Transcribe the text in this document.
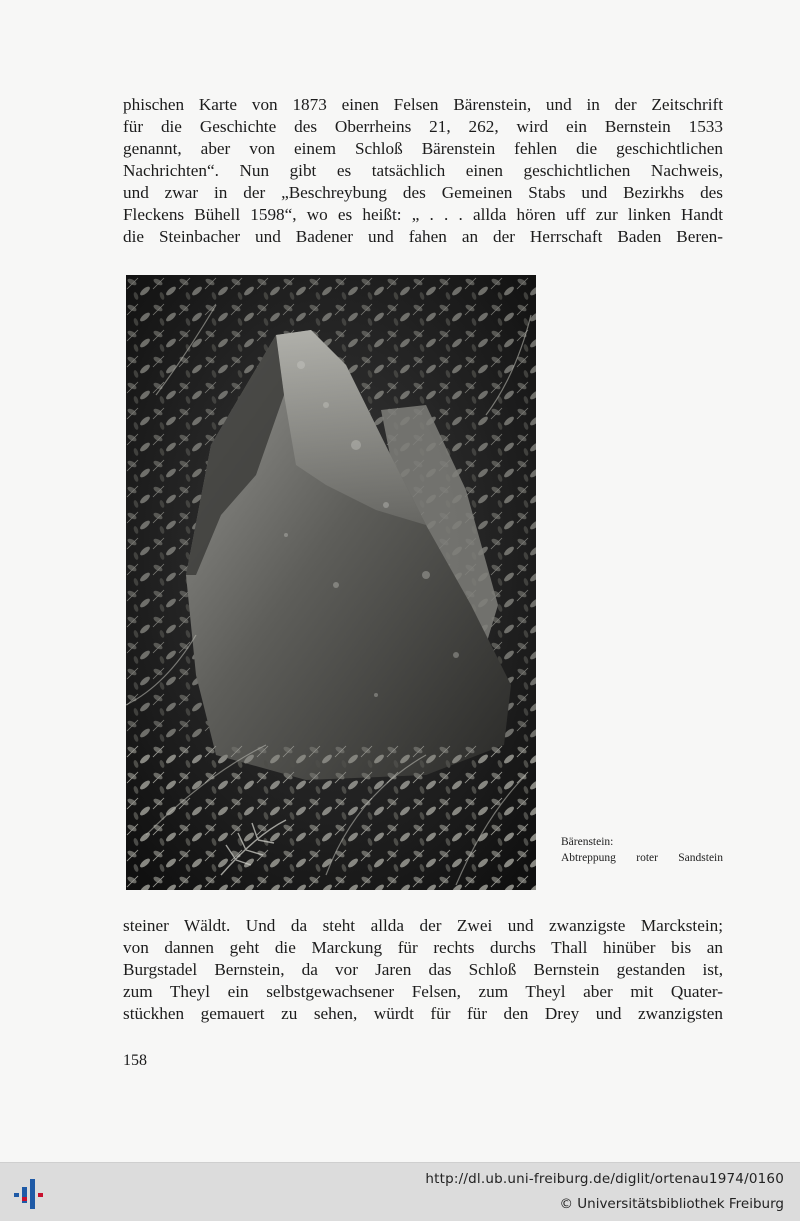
phischen Karte von 1873 einen Felsen Bärenstein, und in der Zeitschrift
für die Geschichte des Oberrheins 21, 262, wird ein Bernstein 1533
genannt, aber von einem Schloß Bärenstein fehlen die geschichtlichen
Nachrichten“. Nun gibt es tatsächlich einen geschichtlichen Nachweis,
und zwar in der „Beschreybung des Gemeinen Stabs und Bezirkhs des
Fleckens Bühell 1598“, wo es heißt: „ . . . allda hören uff zur linken Handt
die Steinbacher und Badener und fahen an der Herrschaft Baden Beren-
Bärenstein:

Abtreppung roter Sandstein
steiner Wäldt. Und da steht allda der Zwei und zwanzigste Marckstein;
von dannen geht die Marckung für rechts durchs Thall hinüber bis an
Burgstadel Bernstein, da vor Jaren das Schloß Bernstein gestanden ist,
zum Theyl ein selbstgewachsener Felsen, zum Theyl aber mit Quater-
stückhen gemauert zu sehen, würdt für für den Drey und zwanzigsten
158
http://dl.ub.uni-freiburg.de/diglit/ortenau1974/0160
© Universitätsbibliothek Freiburg
